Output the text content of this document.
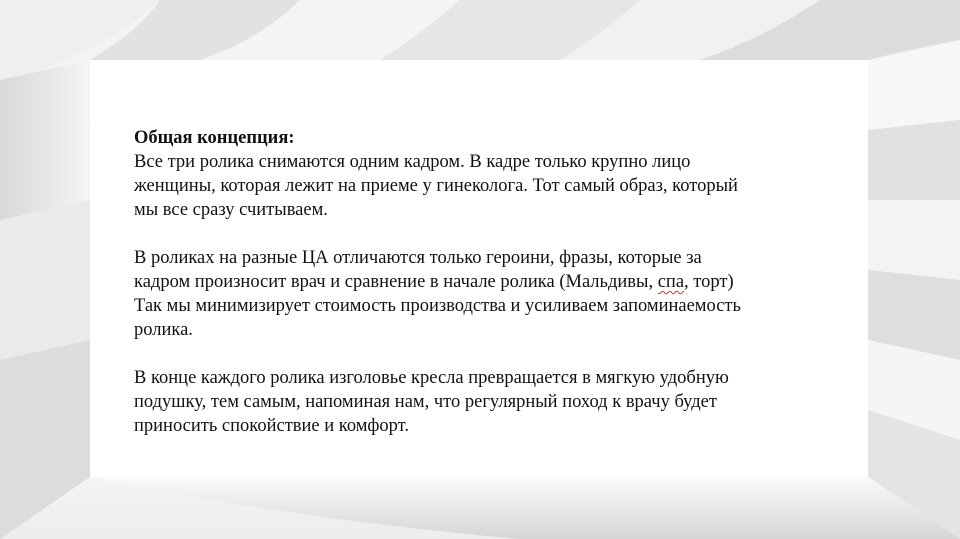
Общая концепция:
Все три ролика снимаются одним кадром. В кадре только крупно лицо
женщины, которая лежит на приеме у гинеколога. Тот самый образ, который
мы все сразу считываем.
В роликах на разные ЦА отличаются только героини, фразы, которые за
кадром произносит врач и сравнение в начале ролика (Мальдивы, спа, торт)
Так мы минимизирует стоимость производства и усиливаем запоминаемость
ролика.
В конце каждого ролика изголовье кресла превращается в мягкую удобную
подушку, тем самым, напоминая нам, что регулярный поход к врачу будет
приносить спокойствие и комфорт.
